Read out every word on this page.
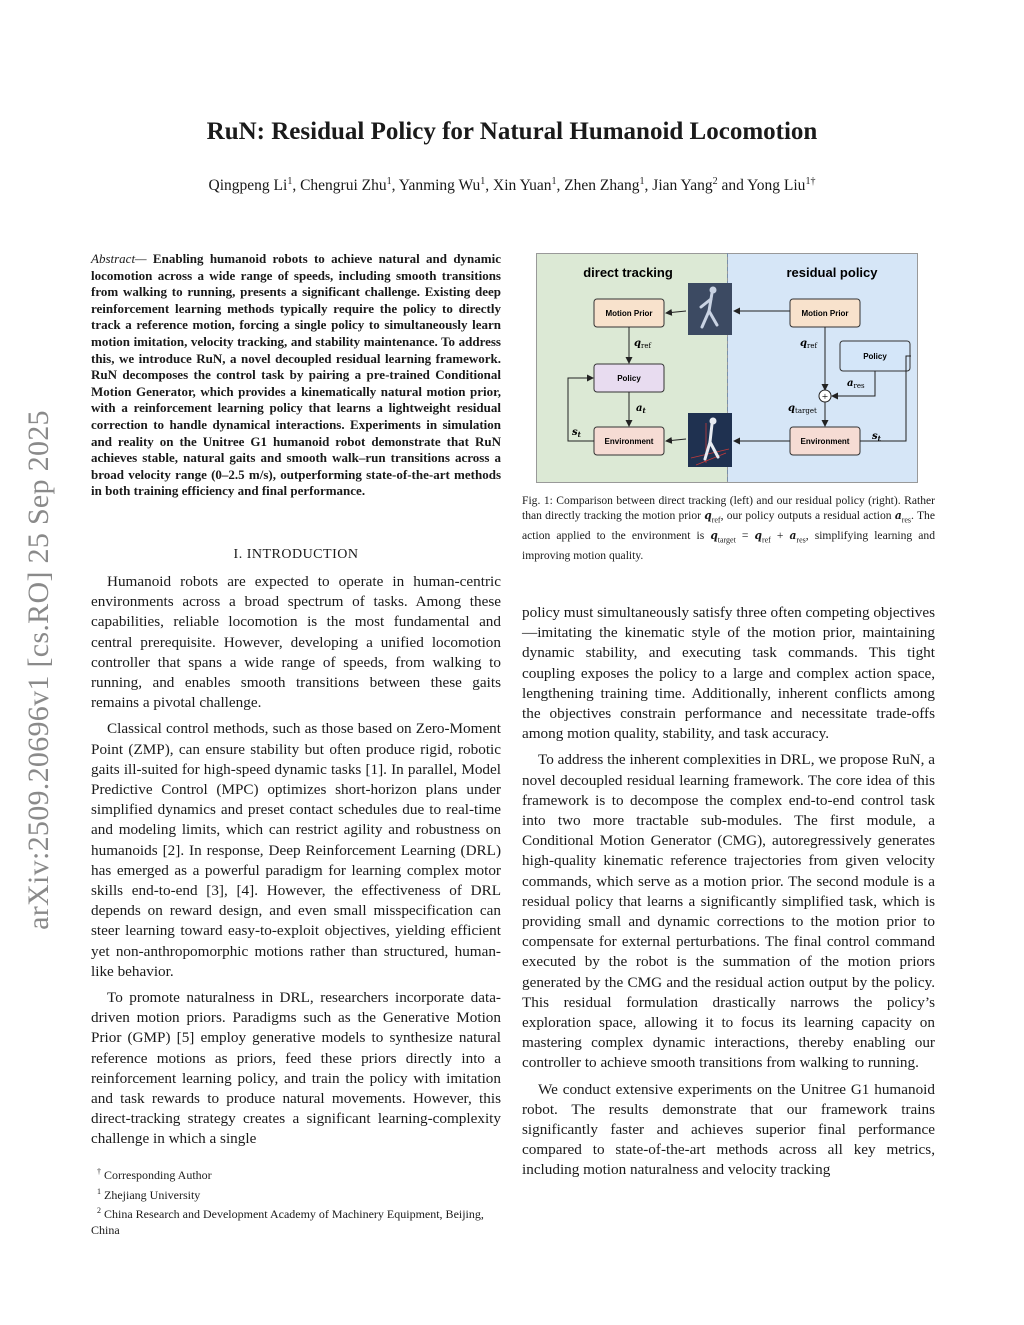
RuN: Residual Policy for Natural Humanoid Locomotion
Qingpeng Li$^1$, Chengrui Zhu$^1$, Yanming Wu$^1$, Xin Yuan$^1$, Zhen Zhang$^1$, Jian Yang$^2$ and Yong Liu$^{1\dagger}$
arXiv:2509.20696v1 [cs.RO] 25 Sep 2025
Abstract— Enabling humanoid robots to achieve natural and dynamic locomotion across a wide range of speeds, including smooth transitions from walking to running, presents a significant challenge. Existing deep reinforcement learning methods typically require the policy to directly track a reference motion, forcing a single policy to simultaneously learn motion imitation, velocity tracking, and stability maintenance. To address this, we introduce RuN, a novel decoupled residual learning framework. RuN decomposes the control task by pairing a pre-trained Conditional Motion Generator, which provides a kinematically natural motion prior, with a reinforcement learning policy that learns a lightweight residual correction to handle dynamical interactions. Experiments in simulation and reality on the Unitree G1 humanoid robot demonstrate that RuN achieves stable, natural gaits and smooth walk–run transitions across a broad velocity range (0–2.5 m/s), outperforming state-of-the-art methods in both training efficiency and final performance.
I. INTRODUCTION

Humanoid robots are expected to operate in human-centric environments across a broad spectrum of tasks. Among these capabilities, reliable locomotion is the most fundamental and central prerequisite. However, developing a unified locomotion controller that spans a wide range of speeds, from walking to running, and enables smooth transitions between these gaits remains a pivotal challenge.

Classical control methods, such as those based on Zero-Moment Point (ZMP), can ensure stability but often produce rigid, robotic gaits ill-suited for high-speed dynamic tasks [1]. In parallel, Model Predictive Control (MPC) optimizes short-horizon plans under simplified dynamics and preset contact schedules due to real-time and modeling limits, which can restrict agility and robustness on humanoids [2]. In response, Deep Reinforcement Learning (DRL) has emerged as a powerful paradigm for learning complex motor skills end-to-end [3], [4]. However, the effectiveness of DRL depends on reward design, and even small misspecification can steer learning toward easy-to-exploit objectives, yielding efficient yet non-anthropomorphic motions rather than structured, human-like behavior.

To promote naturalness in DRL, researchers incorporate data-driven motion priors. Paradigms such as the Generative Motion Prior (GMP) [5] employ generative models to synthesize natural reference motions as priors, feed these priors directly into a reinforcement learning policy, and train the policy with imitation and task rewards to produce natural movements. However, this direct-tracking strategy creates a significant learning-complexity challenge in which a single

† Corresponding Author
$^1$ Zhejiang University
$^2$ China Research and Development Academy of Machinery Equipment, Beijing, China
direct tracking	residual policy
Motion Prior
Policy
Environment
$q_{ref}$
$a_t$
$s_t$
Motion Prior
Policy
Environment
+
$q_{ref}$
$a_{res}$
$q_{target}$
$s_t$
Fig. 1: Comparison between direct tracking (left) and our residual policy (right). Rather than directly tracking the motion prior $q_{ref}$, our policy outputs a residual action $a_{res}$. The action applied to the environment is $q_{target} = q_{ref} + a_{res}$, simplifying learning and improving motion quality.

policy must simultaneously satisfy three often competing objectives—imitating the kinematic style of the motion prior, maintaining dynamic stability, and executing task commands. This tight coupling exposes the policy to a large and complex action space, lengthening training time. Additionally, inherent conflicts among the objectives constrain performance and necessitate trade-offs among motion quality, stability, and task accuracy.

To address the inherent complexities in DRL, we propose RuN, a novel decoupled residual learning framework. The core idea of this framework is to decompose the complex end-to-end control task into two more tractable sub-modules. The first module, a Conditional Motion Generator (CMG), autoregressively generates high-quality kinematic reference trajectories from given velocity commands, which serve as a motion prior. The second module is a residual policy that learns a significantly simplified task, which is providing small and dynamic corrections to the motion prior to compensate for external perturbations. The final control command executed by the robot is the summation of the motion priors generated by the CMG and the residual action output by the policy. This residual formulation drastically narrows the policy’s exploration space, allowing it to focus its learning capacity on mastering complex dynamic interactions, thereby enabling our controller to achieve smooth transitions from walking to running.

We conduct extensive experiments on the Unitree G1 humanoid robot. The results demonstrate that our framework trains significantly faster and achieves superior final performance compared to state-of-the-art methods across all key metrics, including motion naturalness and velocity tracking
